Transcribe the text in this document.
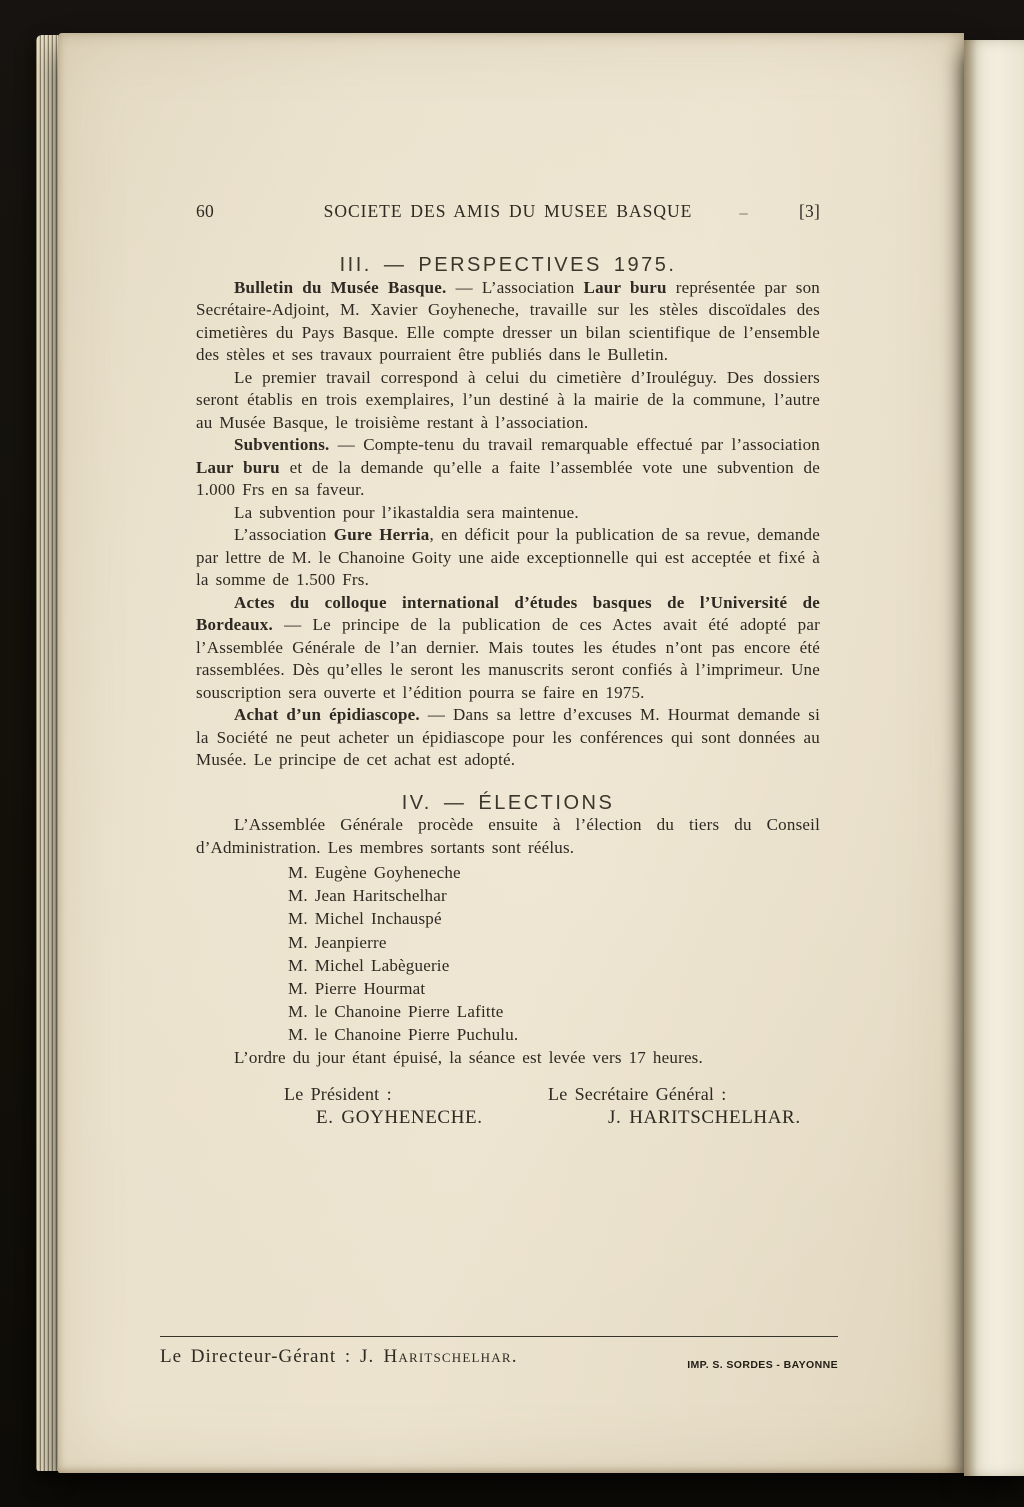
60	SOCIETE DES AMIS DU MUSEE BASQUE	[3]
III. — PERSPECTIVES 1975.

Bulletin du Musée Basque. — L’association Laur buru représentée par son Secrétaire-Adjoint, M. Xavier Goyheneche, travaille sur les stèles discoïdales des cimetières du Pays Basque. Elle compte dresser un bilan scientifique de l’ensemble des stèles et ses travaux pourraient être publiés dans le Bulletin.

Le premier travail correspond à celui du cimetière d’Irouléguy. Des dossiers seront établis en trois exemplaires, l’un destiné à la mairie de la commune, l’autre au Musée Basque, le troisième restant à l’association.

Subventions. — Compte-tenu du travail remarquable effectué par l’association Laur buru et de la demande qu’elle a faite l’assemblée vote une subvention de 1.000 Frs en sa faveur.

La subvention pour l’ikastaldia sera maintenue.

L’association Gure Herria, en déficit pour la publication de sa revue, demande par lettre de M. le Chanoine Goity une aide exceptionnelle qui est acceptée et fixé à la somme de 1.500 Frs.

Actes du colloque international d’études basques de l’Université de Bordeaux. — Le principe de la publication de ces Actes avait été adopté par l’Assemblée Générale de l’an dernier. Mais toutes les études n’ont pas encore été rassemblées. Dès qu’elles le seront les manuscrits seront confiés à l’imprimeur. Une souscription sera ouverte et l’édition pourra se faire en 1975.

Achat d’un épidiascope. — Dans sa lettre d’excuses M. Hourmat demande si la Société ne peut acheter un épidiascope pour les conférences qui sont données au Musée. Le principe de cet achat est adopté.

IV. — ÉLECTIONS

L’Assemblée Générale procède ensuite à l’élection du tiers du Conseil d’Administration. Les membres sortants sont réélus.

M. Eugène Goyheneche
M. Jean Haritschelhar
M. Michel Inchauspé
M. Jeanpierre
M. Michel Labèguerie
M. Pierre Hourmat
M. le Chanoine Pierre Lafitte
M. le Chanoine Pierre Puchulu.

L’ordre du jour étant épuisé, la séance est levée vers 17 heures.

Le Président :
E. GOYHENECHE.
Le Secrétaire Général :
J. HARITSCHELHAR.
Le Directeur-Gérant : J. Haritschelhar.	IMP. S. SORDES - BAYONNE
